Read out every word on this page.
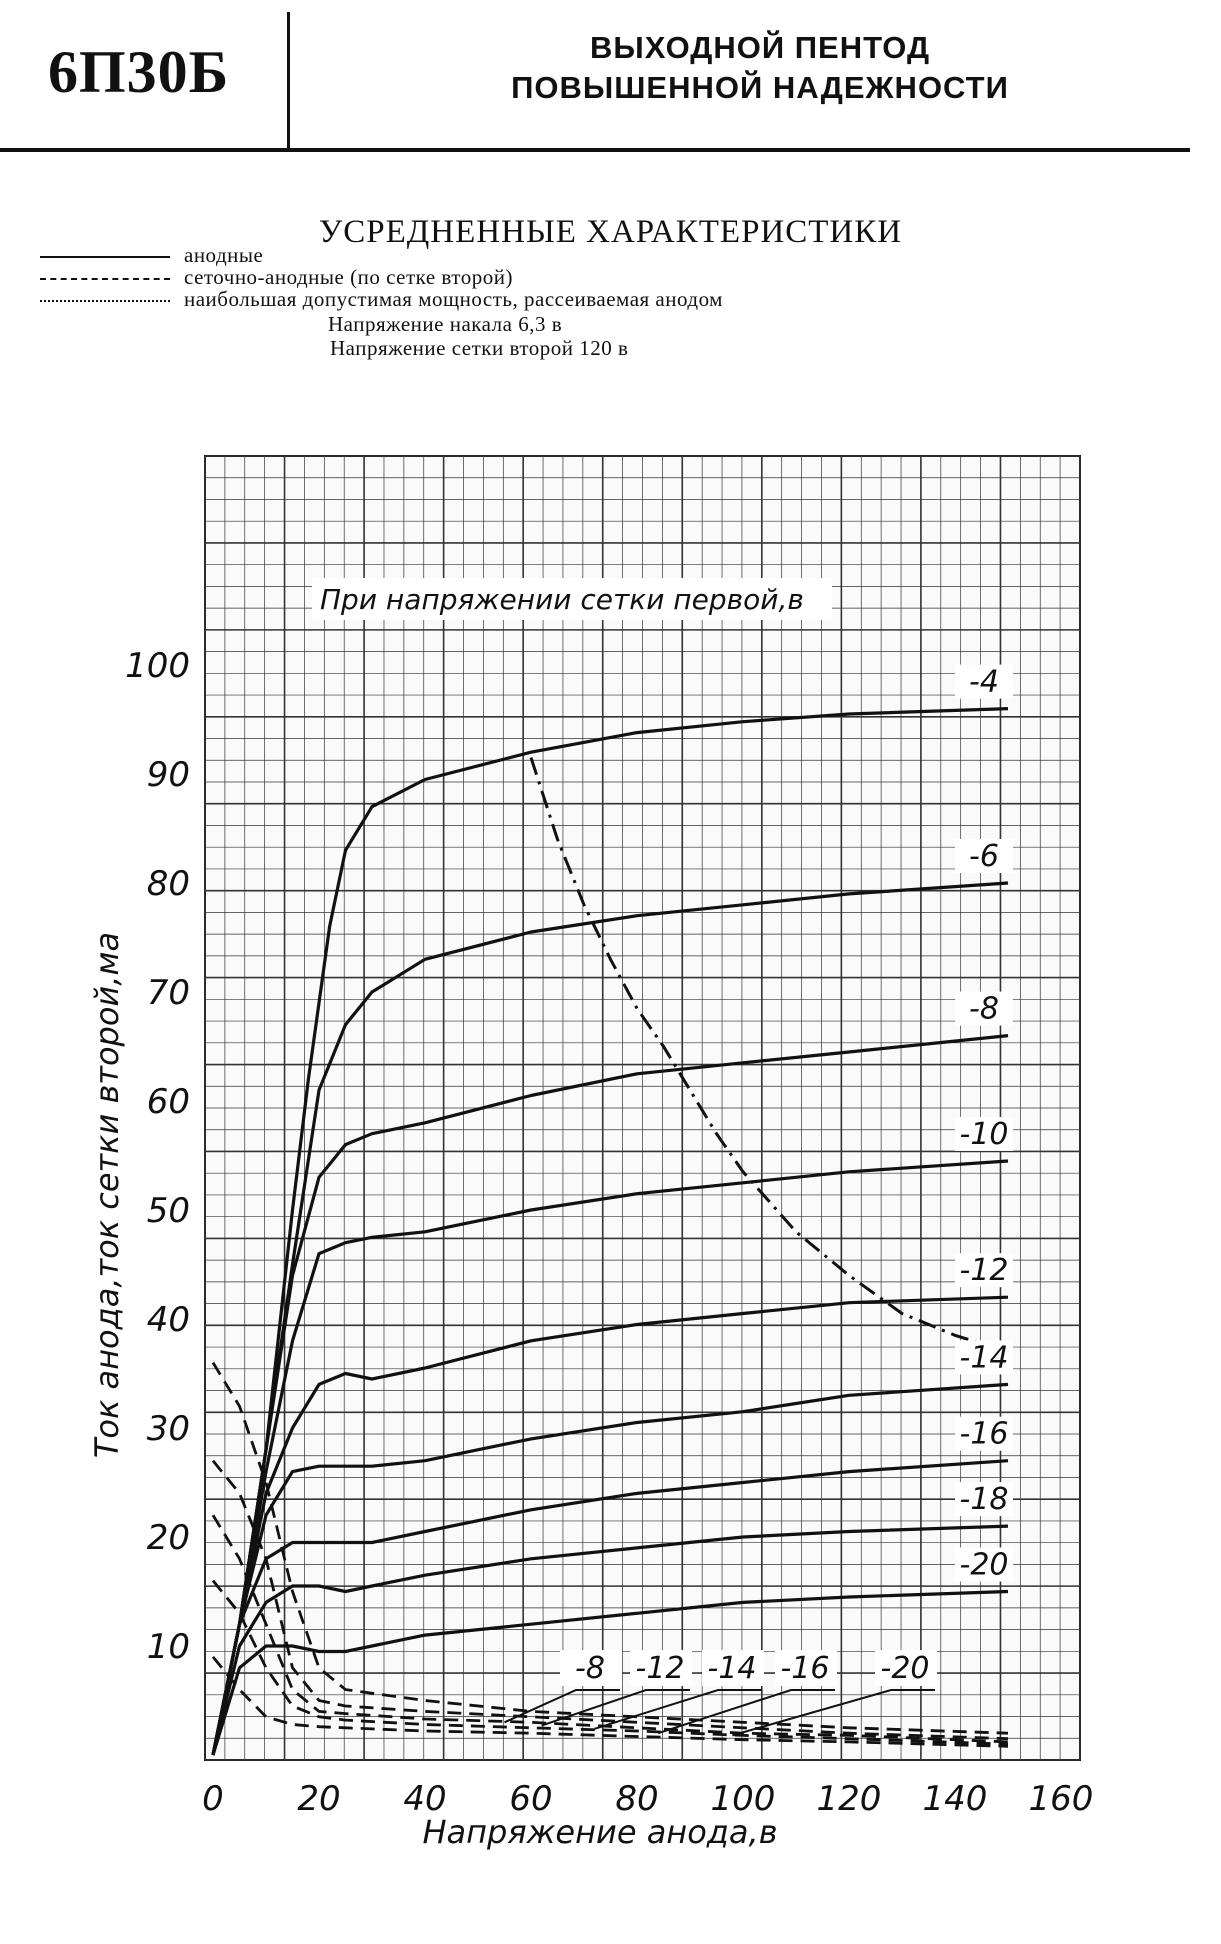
6П30Б	ВЫХОДНОЙ ПЕНТОД
ПОВЫШЕННОЙ НАДЕЖНОСТИ
УСРЕДНЕННЫЕ ХАРАКТЕРИСТИКИ
анодные
сеточно-анодные (по сетке второй)
наибольшая допустимая мощность, рассеиваемая анодом
Напряжение накала 6,3 в
Напряжение сетки второй 120 в
0 20 40 60 80 100 120 140 160
10
20
30
40
50
60
70
80
90
100	-4
-6
-8
-10
-12
-14
-16
-18
-20
-8 -12 -14 -16 -20
При напряжении сетки первой,в
Напряжение анода,в
Ток анода,ток сетки второй,ма
